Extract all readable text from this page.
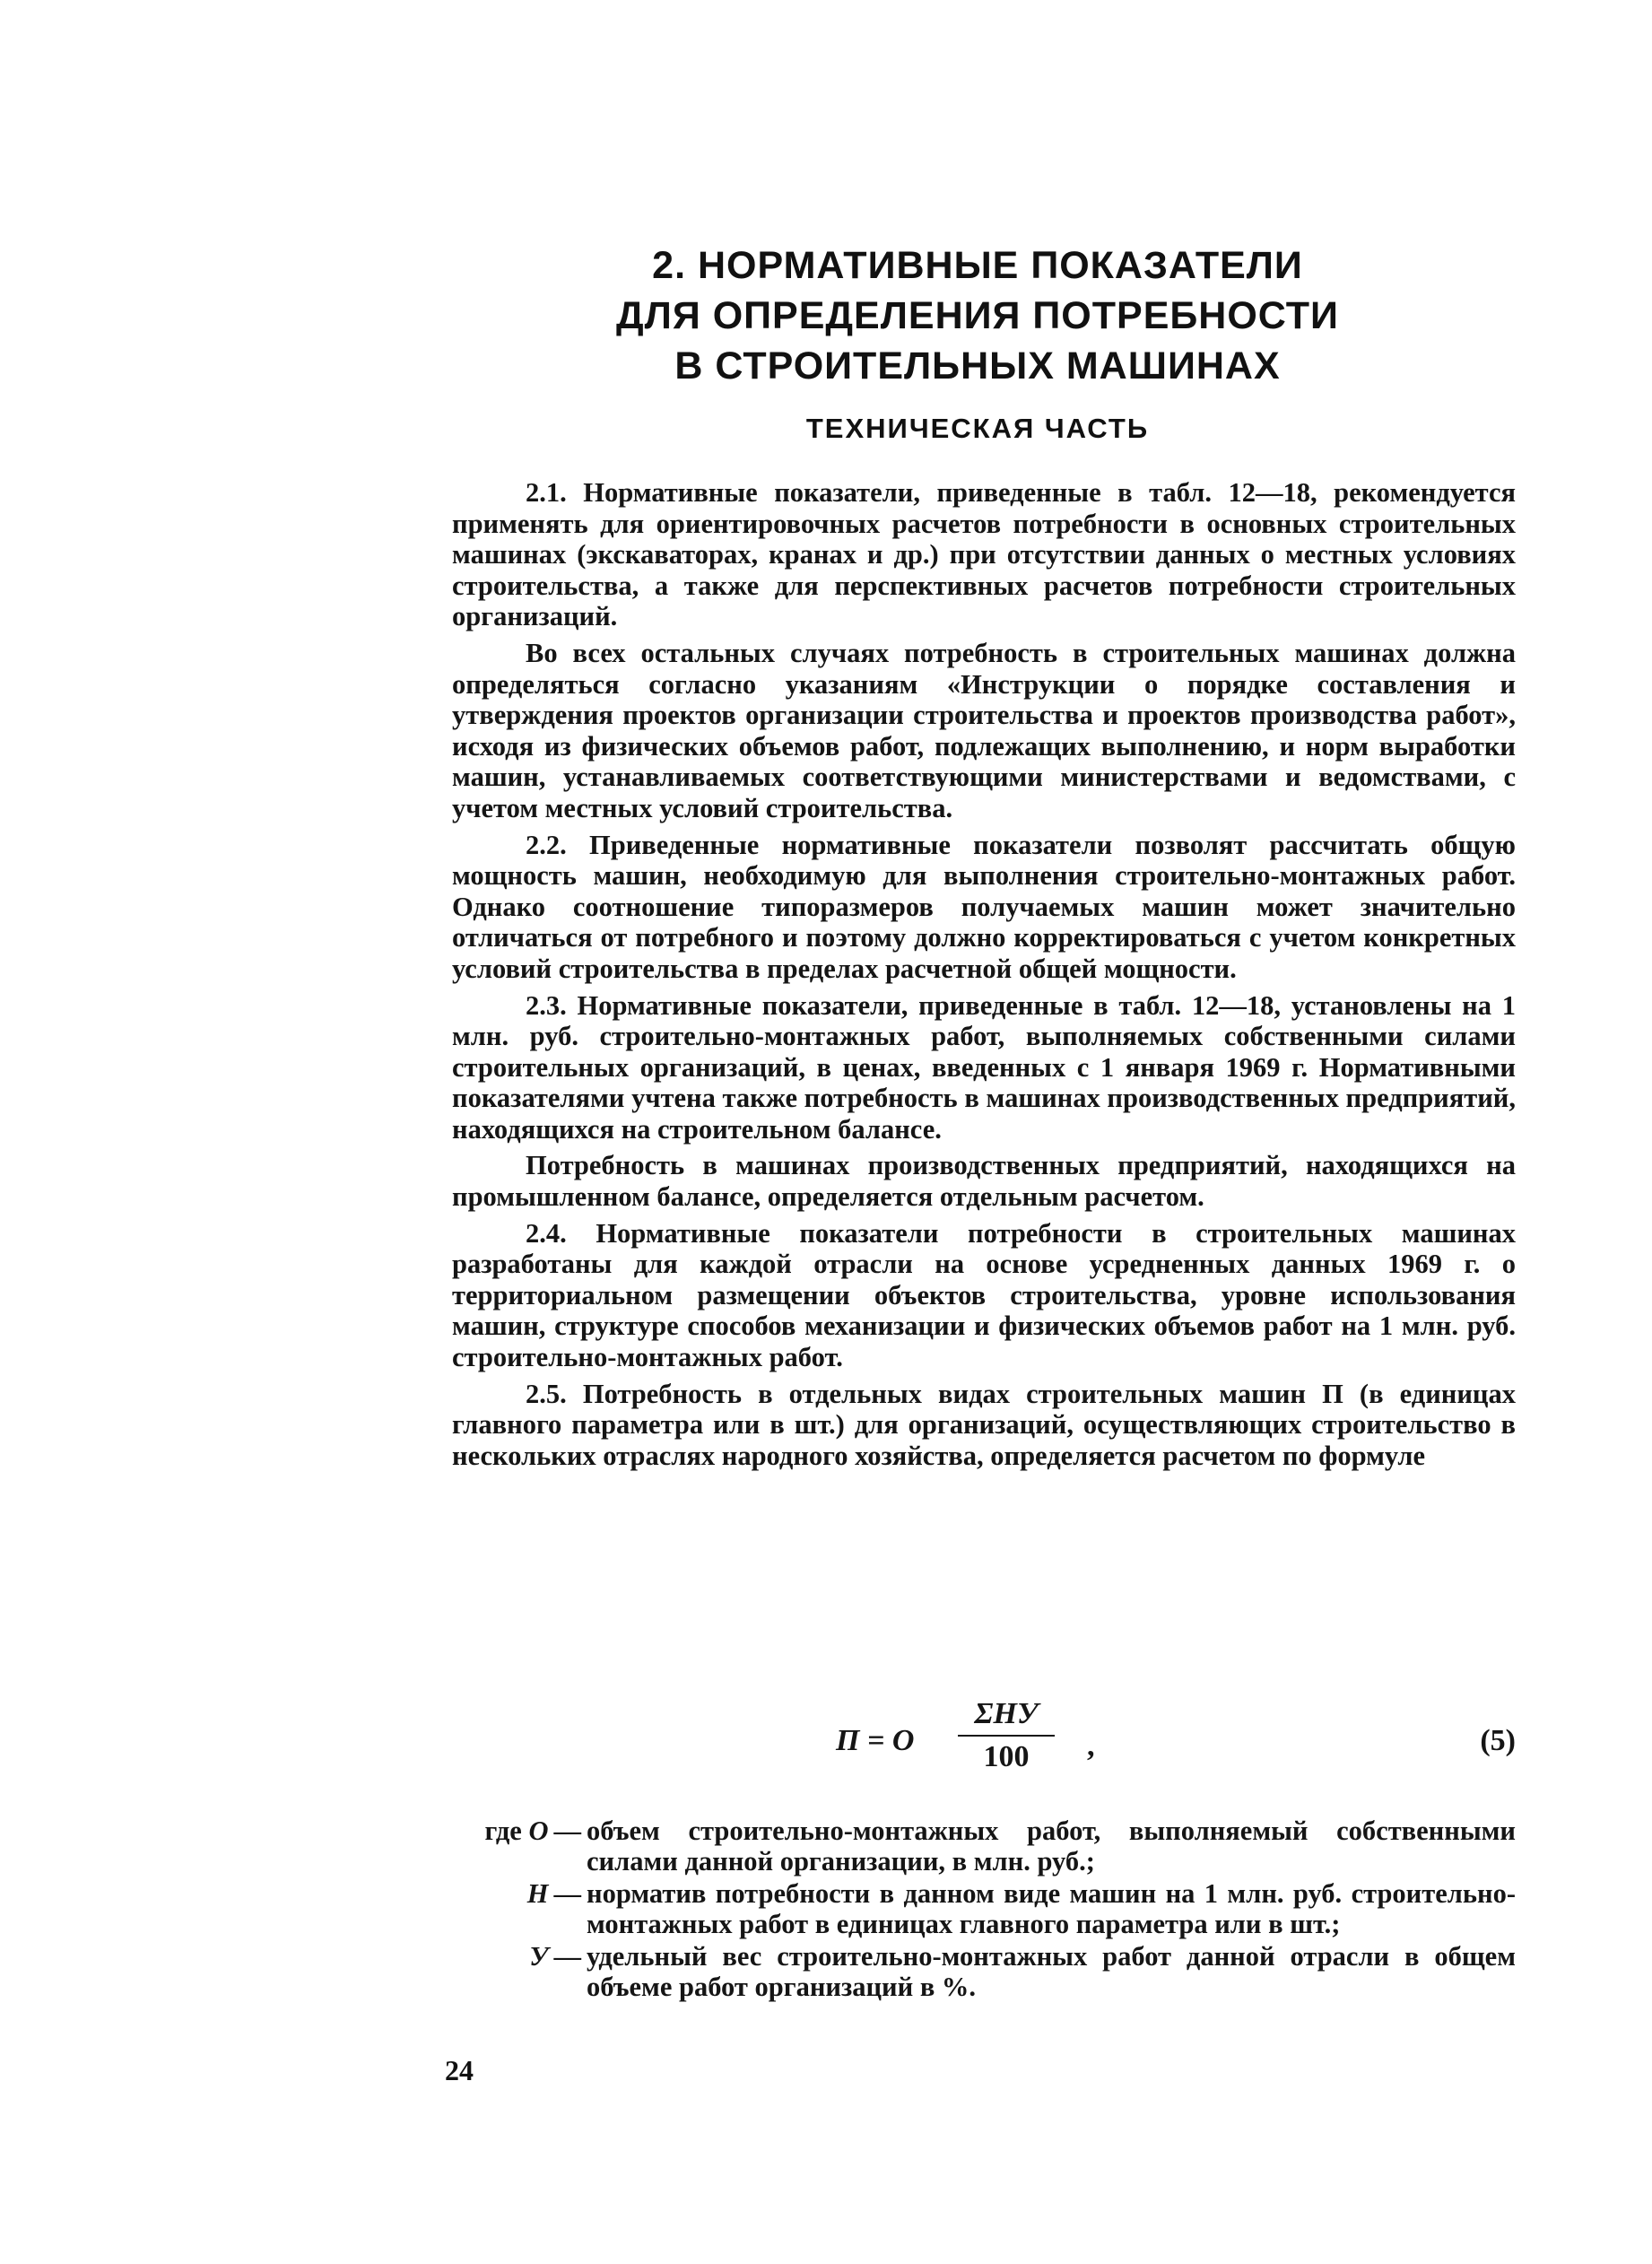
2. НОРМАТИВНЫЕ ПОКАЗАТЕЛИ
ДЛЯ ОПРЕДЕЛЕНИЯ ПОТРЕБНОСТИ
В СТРОИТЕЛЬНЫХ МАШИНАХ
ТЕХНИЧЕСКАЯ ЧАСТЬ

2.1. Нормативные показатели, приведенные в табл. 12—18, рекомендуется применять для ориентировочных расчетов потребности в основных строительных машинах (экскаваторах, кранах и др.) при отсутствии данных о местных условиях строительства, а также для перспективных расчетов потребности строительных организаций.

Во всех остальных случаях потребность в строительных машинах должна определяться согласно указаниям «Инструкции о порядке составления и утверждения проектов организации строительства и проектов производства работ», исходя из физических объемов работ, подлежащих выполнению, и норм выработки машин, устанавливаемых соответствующими министерствами и ведомствами, с учетом местных условий строительства.

2.2. Приведенные нормативные показатели позволят рассчитать общую мощность машин, необходимую для выполнения строительно-монтажных работ. Однако соотношение типоразмеров получаемых машин может значительно отличаться от потребного и поэтому должно корректироваться с учетом конкретных условий строительства в пределах расчетной общей мощности.

2.3. Нормативные показатели, приведенные в табл. 12—18, установлены на 1 млн. руб. строительно-монтажных работ, выполняемых собственными силами строительных организаций, в ценах, введенных с 1 января 1969 г. Нормативными показателями учтена также потребность в машинах производственных предприятий, находящихся на строительном балансе.

Потребность в машинах производственных предприятий, находящихся на промышленном балансе, определяется отдельным расчетом.

2.4. Нормативные показатели потребности в строительных машинах разработаны для каждой отрасли на основе усредненных данных 1969 г. о территориальном размещении объектов строительства, уровне использования машин, структуре способов механизации и физических объемов работ на 1 млн. руб. строительно-монтажных работ.

2.5. Потребность в отдельных видах строительных машин П (в единицах главного параметра или в шт.) для организаций, осуществляющих строительство в нескольких отраслях народного хозяйства, определяется расчетом по формуле

П = О
ΣНУ
100	,	(5)
где О — объем строительно-монтажных работ, выполняемый собственными силами данной организации, в млн. руб.;
Н — норматив потребности в данном виде машин на 1 млн. руб. строительно-монтажных работ в единицах главного параметра или в шт.;
У — удельный вес строительно-монтажных работ данной отрасли в общем объеме работ организаций в %.
24
